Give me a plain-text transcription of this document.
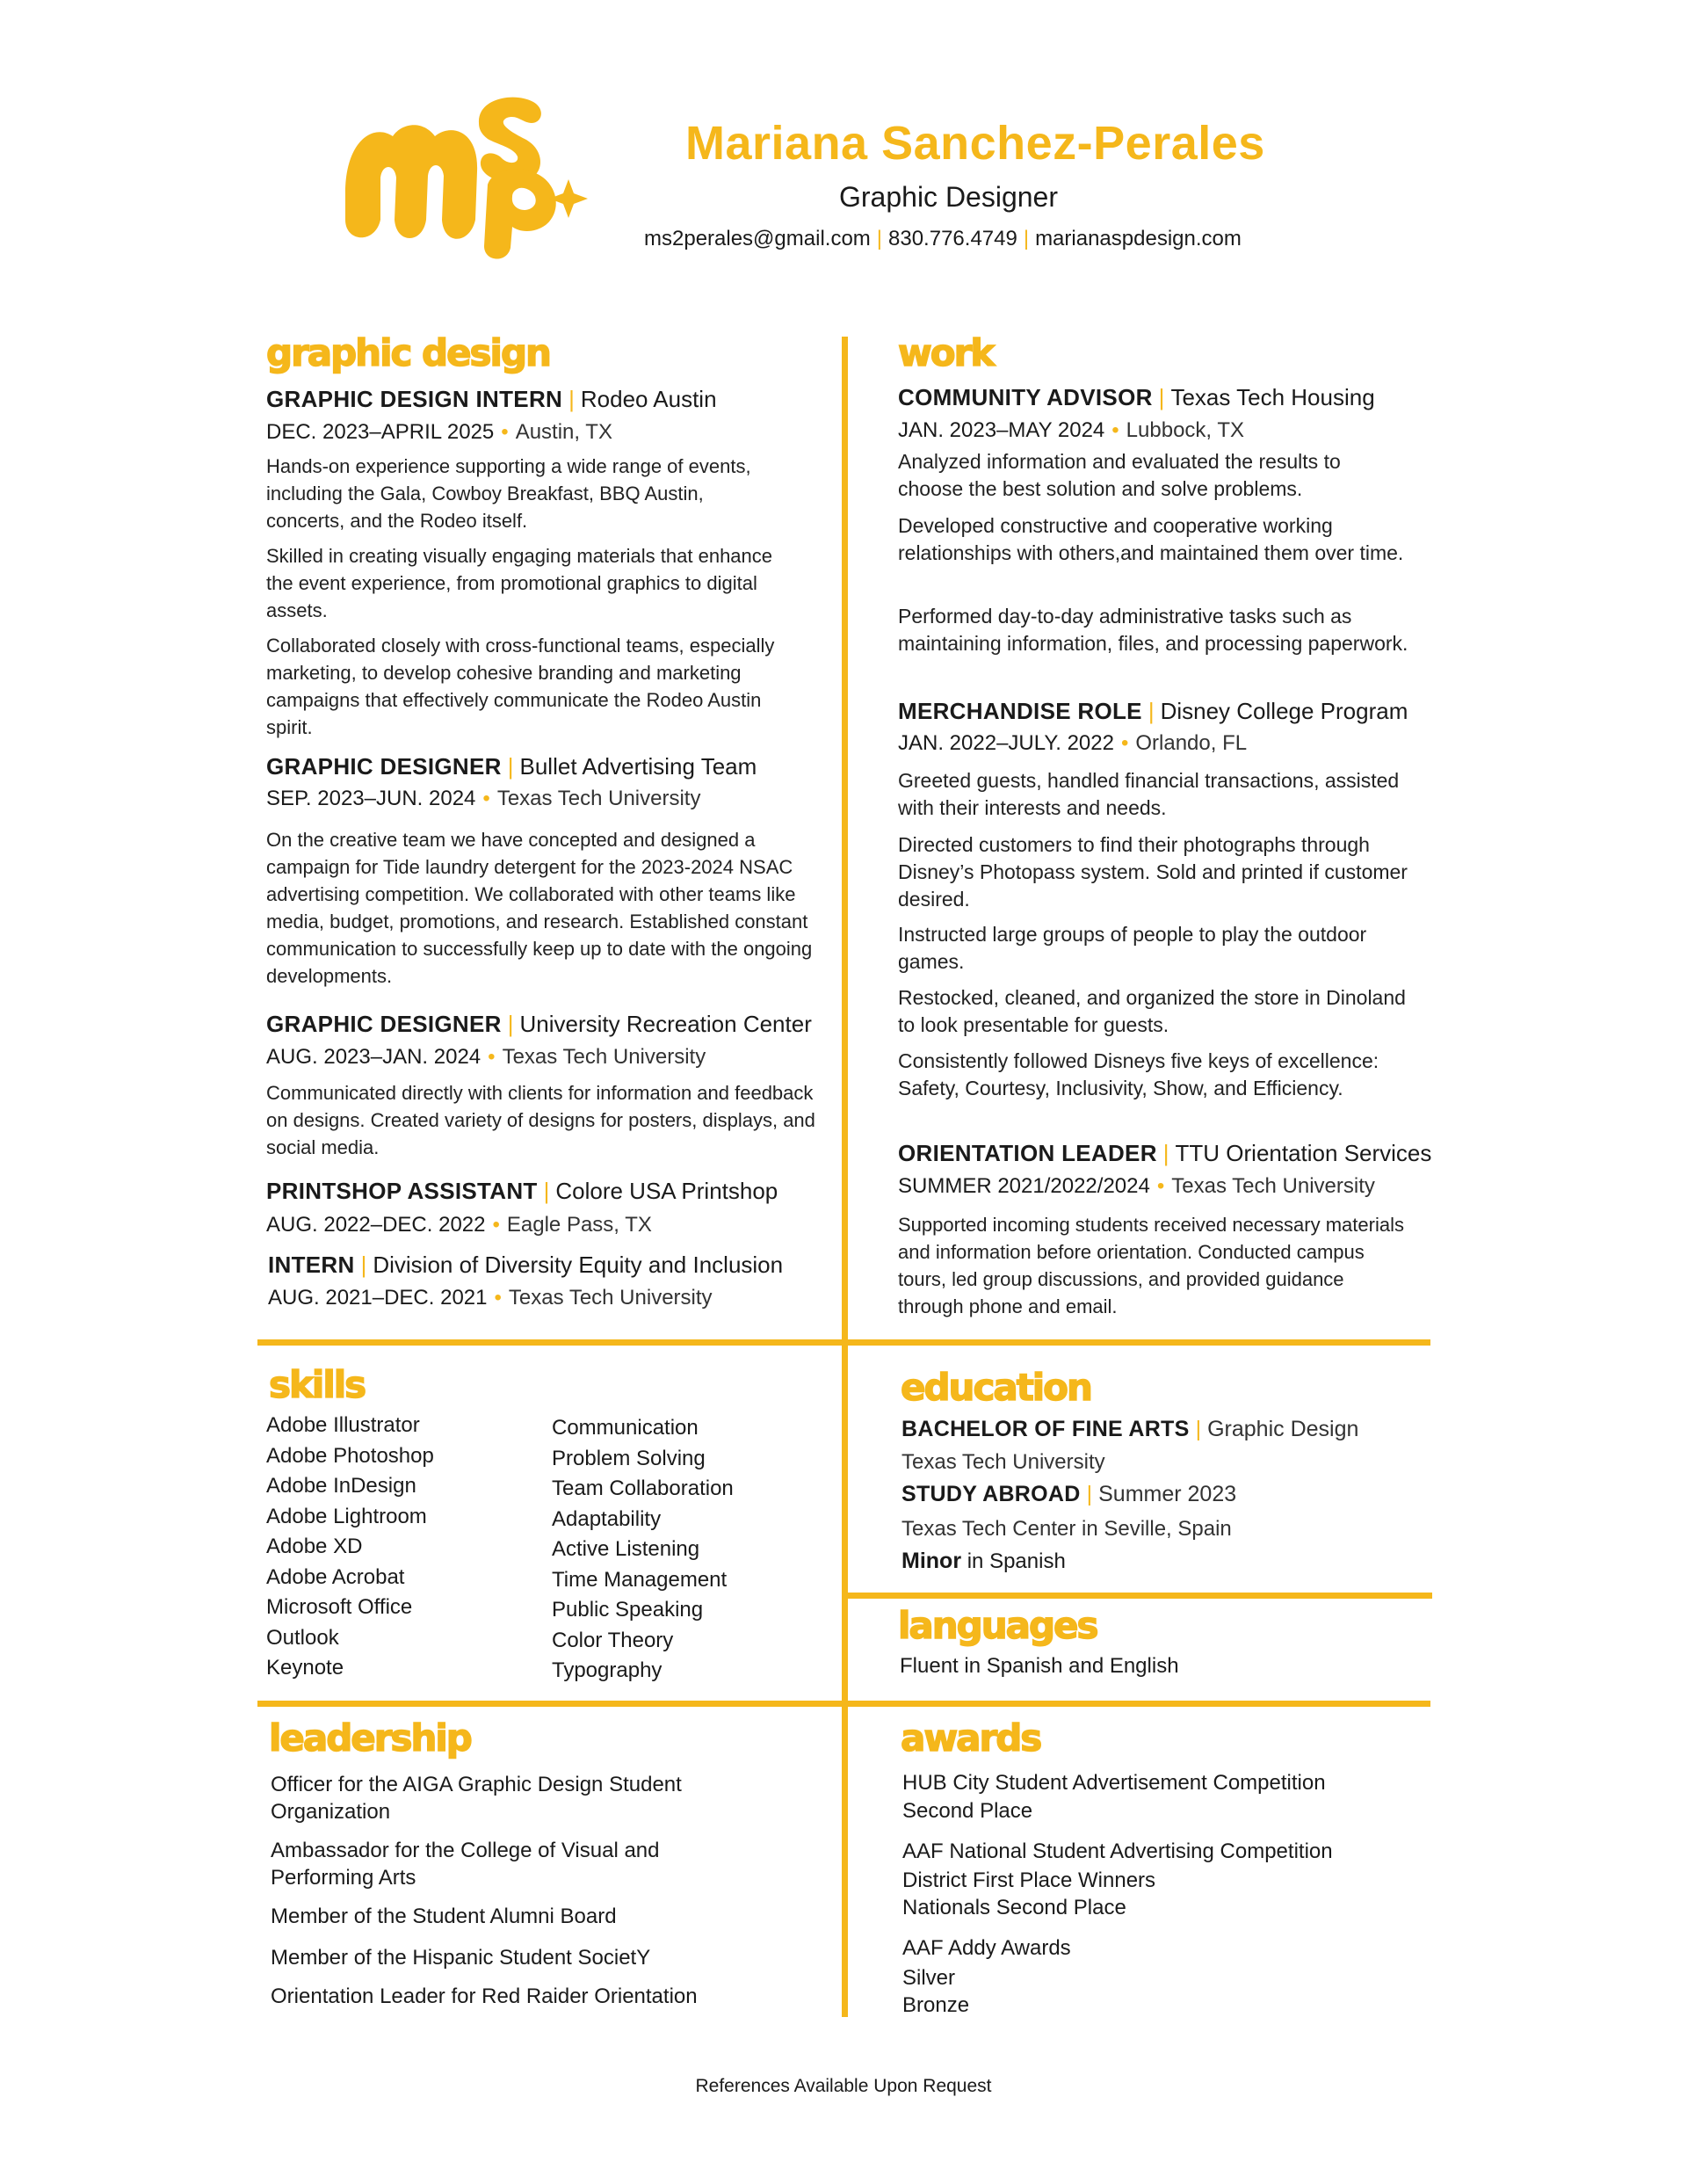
Mariana Sanchez-Perales
Graphic Designer
ms2perales@gmail.com | 830.776.4749 | marianaspdesign.com
graphic design
GRAPHIC DESIGN INTERN | Rodeo Austin
DEC. 2023–APRIL 2025 • Austin, TX
Hands-on experience supporting a wide range of events, including the Gala, Cowboy Breakfast, BBQ Austin, concerts, and the Rodeo itself.
Skilled in creating visually engaging materials that enhance the event experience, from promotional graphics to digital assets.
Collaborated closely with cross-functional teams, especially marketing, to develop cohesive branding and marketing campaigns that effectively communicate the Rodeo Austin spirit.
GRAPHIC DESIGNER | Bullet Advertising Team
SEP. 2023–JUN. 2024 • Texas Tech University
On the creative team we have concepted and designed a campaign for Tide laundry detergent for the 2023-2024 NSAC advertising competition. We collaborated with other teams like media, budget, promotions, and research. Established constant communication to successfully keep up to date with the ongoing developments.
GRAPHIC DESIGNER | University Recreation Center
AUG. 2023–JAN. 2024 • Texas Tech University
Communicated directly with clients for information and feedback on designs. Created variety of designs for posters, displays, and social media.
PRINTSHOP ASSISTANT | Colore USA Printshop
AUG. 2022–DEC. 2022 • Eagle Pass, TX
INTERN | Division of Diversity Equity and Inclusion
AUG. 2021–DEC. 2021 • Texas Tech University
work
COMMUNITY ADVISOR | Texas Tech Housing
JAN. 2023–MAY 2024 • Lubbock, TX
Analyzed information and evaluated the results to choose the best solution and solve problems.
Developed constructive and cooperative working relationships with others,and maintained them over time.
Performed day-to-day administrative tasks such as maintaining information, files, and processing paperwork.
MERCHANDISE ROLE | Disney College Program
JAN. 2022–JULY. 2022 • Orlando, FL
Greeted guests, handled financial transactions, assisted with their interests and needs.
Directed customers to find their photographs through Disney’s Photopass system. Sold and printed if customer desired.
Instructed large groups of people to play the outdoor games.
Restocked, cleaned, and organized the store in Dinoland to look presentable for guests.
Consistently followed Disneys five keys of excellence: Safety, Courtesy, Inclusivity, Show, and Efficiency.
ORIENTATION LEADER | TTU Orientation Services
SUMMER 2021/2022/2024 • Texas Tech University
Supported incoming students received necessary materials and information before orientation. Conducted campus tours, led group discussions, and provided guidance through phone and email.
skills
Adobe Illustrator
Adobe Photoshop
Adobe InDesign
Adobe Lightroom
Adobe XD
Adobe Acrobat
Microsoft Office
Outlook
Keynote
Communication
Problem Solving
Team Collaboration
Adaptability
Active Listening
Time Management
Public Speaking
Color Theory
Typography
education
BACHELOR OF FINE ARTS | Graphic Design
Texas Tech University
STUDY ABROAD | Summer 2023
Texas Tech Center in Seville, Spain
Minor in Spanish
languages
Fluent in Spanish and English
leadership
Officer for the AIGA Graphic Design Student Organization
Ambassador for the College of Visual and Performing Arts
Member of the Student Alumni Board
Member of the Hispanic Student SocietY
Orientation Leader for Red Raider Orientation
awards
HUB City Student Advertisement Competition
Second Place
AAF National Student Advertising Competition
District First Place Winners
Nationals Second Place
AAF Addy Awards
Silver
Bronze
References Available Upon Request
